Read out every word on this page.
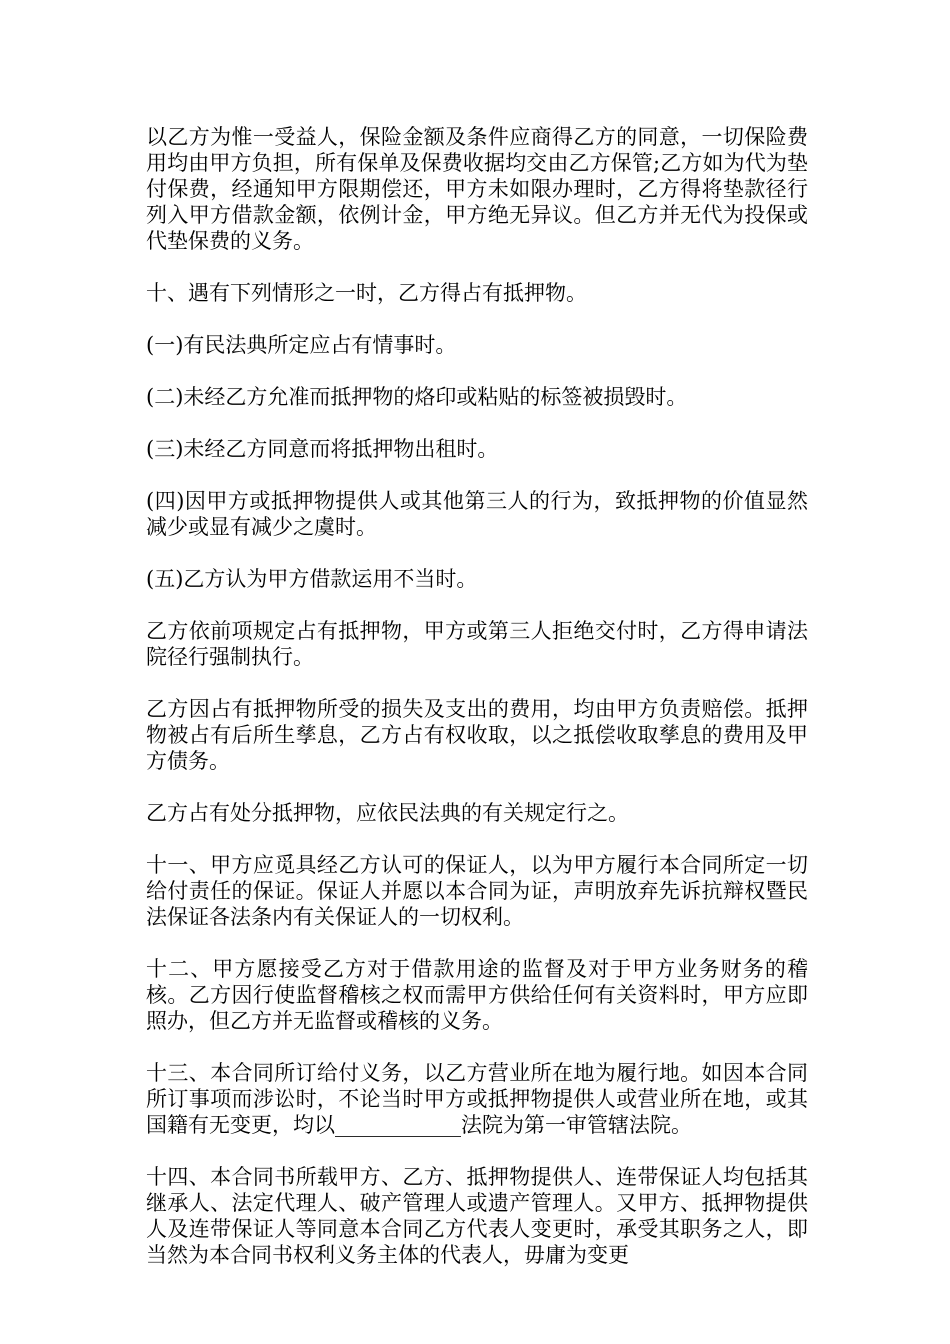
以乙方为惟一受益人，保险金额及条件应商得乙方的同意，一切保险费用均由甲方负担，所有保单及保费收据均交由乙方保管;乙方如为代为垫付保费，经通知甲方限期偿还，甲方未如限办理时，乙方得将垫款径行列入甲方借款金额，依例计金，甲方绝无异议。但乙方并无代为投保或代垫保费的义务。

十、遇有下列情形之一时，乙方得占有抵押物。

(一)有民法典所定应占有情事时。

(二)未经乙方允准而抵押物的烙印或粘贴的标签被损毁时。

(三)未经乙方同意而将抵押物出租时。

(四)因甲方或抵押物提供人或其他第三人的行为，致抵押物的价值显然减少或显有减少之虞时。

(五)乙方认为甲方借款运用不当时。

乙方依前项规定占有抵押物，甲方或第三人拒绝交付时，乙方得申请法院径行强制执行。

乙方因占有抵押物所受的损失及支出的费用，均由甲方负责赔偿。抵押物被占有后所生孳息，乙方占有权收取，以之抵偿收取孳息的费用及甲方债务。

乙方占有处分抵押物，应依民法典的有关规定行之。

十一、甲方应觅具经乙方认可的保证人，以为甲方履行本合同所定一切给付责任的保证。保证人并愿以本合同为证，声明放弃先诉抗辩权暨民法保证各法条内有关保证人的一切权利。

十二、甲方愿接受乙方对于借款用途的监督及对于甲方业务财务的稽核。乙方因行使监督稽核之权而需甲方供给任何有关资料时，甲方应即照办，但乙方并无监督或稽核的义务。

十三、本合同所订给付义务，以乙方营业所在地为履行地。如因本合同所订事项而涉讼时，不论当时甲方或抵押物提供人或营业所在地，或其国籍有无变更，均以____________法院为第一审管辖法院。

十四、本合同书所载甲方、乙方、抵押物提供人、连带保证人均包括其继承人、法定代理人、破产管理人或遗产管理人。又甲方、抵押物提供人及连带保证人等同意本合同乙方代表人变更时，承受其职务之人，即当然为本合同书权利义务主体的代表人，毋庸为变更
